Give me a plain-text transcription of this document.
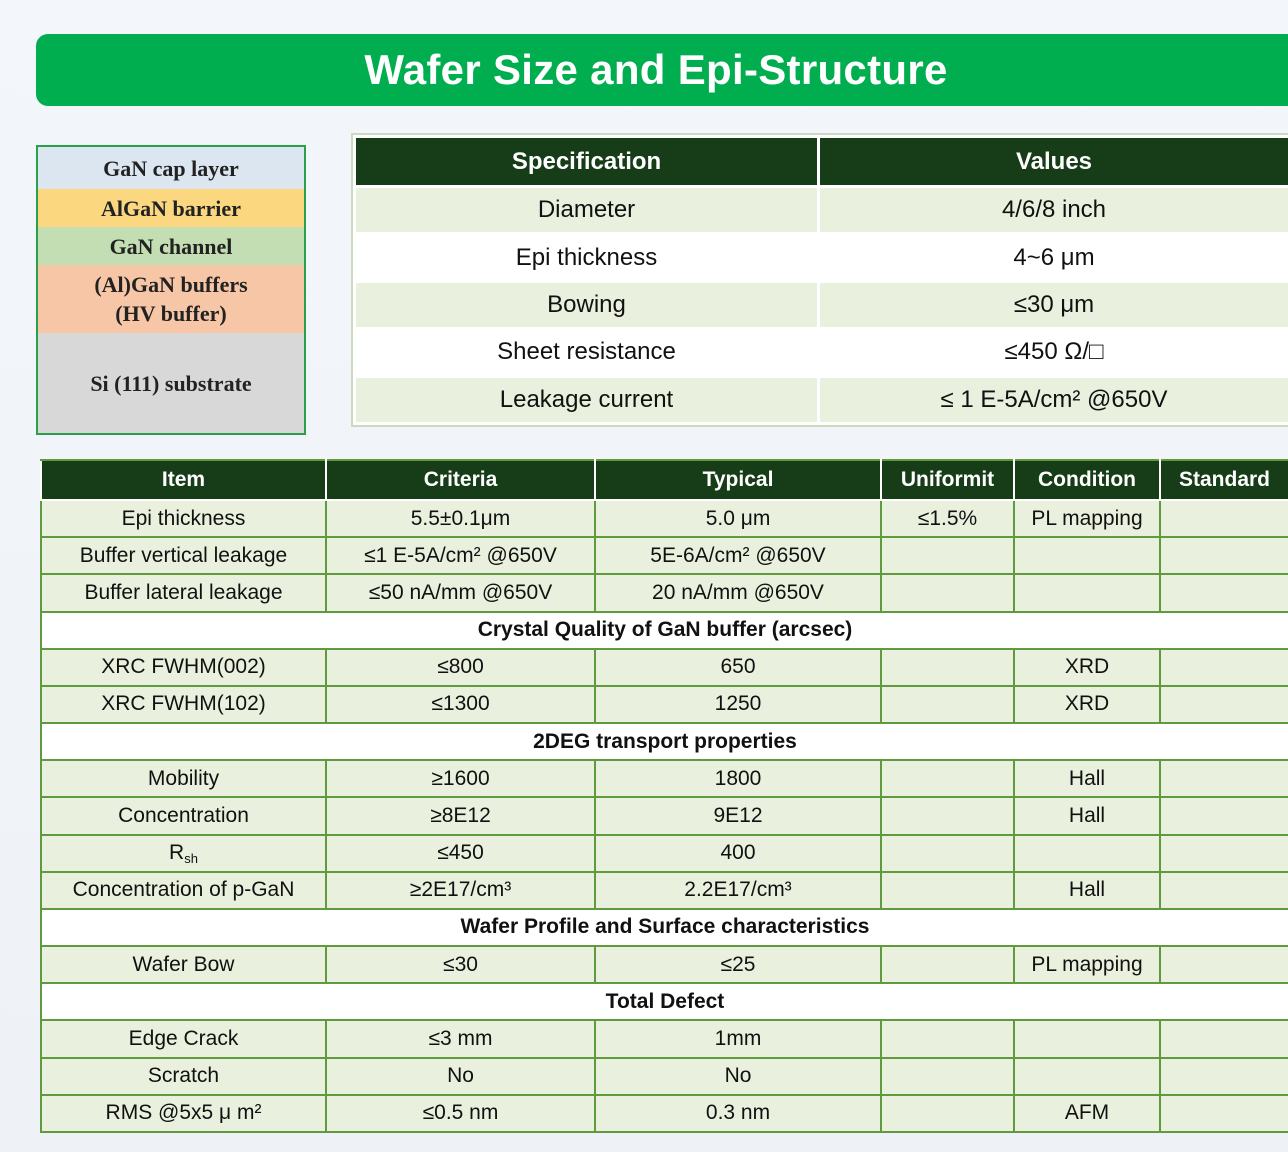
Wafer Size and Epi-Structure
GaN cap layer
AlGaN barrier
GaN channel
(Al)GaN buffers
(HV buffer)
Si (111) substrate
Specification	Values
Diameter	4/6/8 inch
Epi thickness	4~6 μm
Bowing	≤30 μm
Sheet resistance	≤450 Ω/□
Leakage current	≤ 1 E-5A/cm² @650V
Item	Criteria	Typical	Uniformit	Condition	Standard
Epi thickness	5.5±0.1μm	5.0 μm	≤1.5%	PL mapping	
Buffer vertical leakage	≤1 E-5A/cm² @650V	5E-6A/cm² @650V			
Buffer lateral leakage	≤50 nA/mm @650V	20 nA/mm @650V			
Crystal Quality of GaN buffer (arcsec)					
XRC FWHM(002)	≤800	650		XRD	
XRC FWHM(102)	≤1300	1250		XRD	
2DEG transport properties					
Mobility	≥1600	1800		Hall	
Concentration	≥8E12	9E12		Hall	
$R_{sh}$	≤450	400			
Concentration of p-GaN	≥2E17/cm³	2.2E17/cm³		Hall	
Wafer Profile and Surface characteristics					
Wafer Bow	≤30	≤25		PL mapping	
Total Defect					
Edge Crack	≤3 mm	1mm			
Scratch	No	No			
RMS @5x5 μ m²	≤0.5 nm	0.3 nm		AFM	
